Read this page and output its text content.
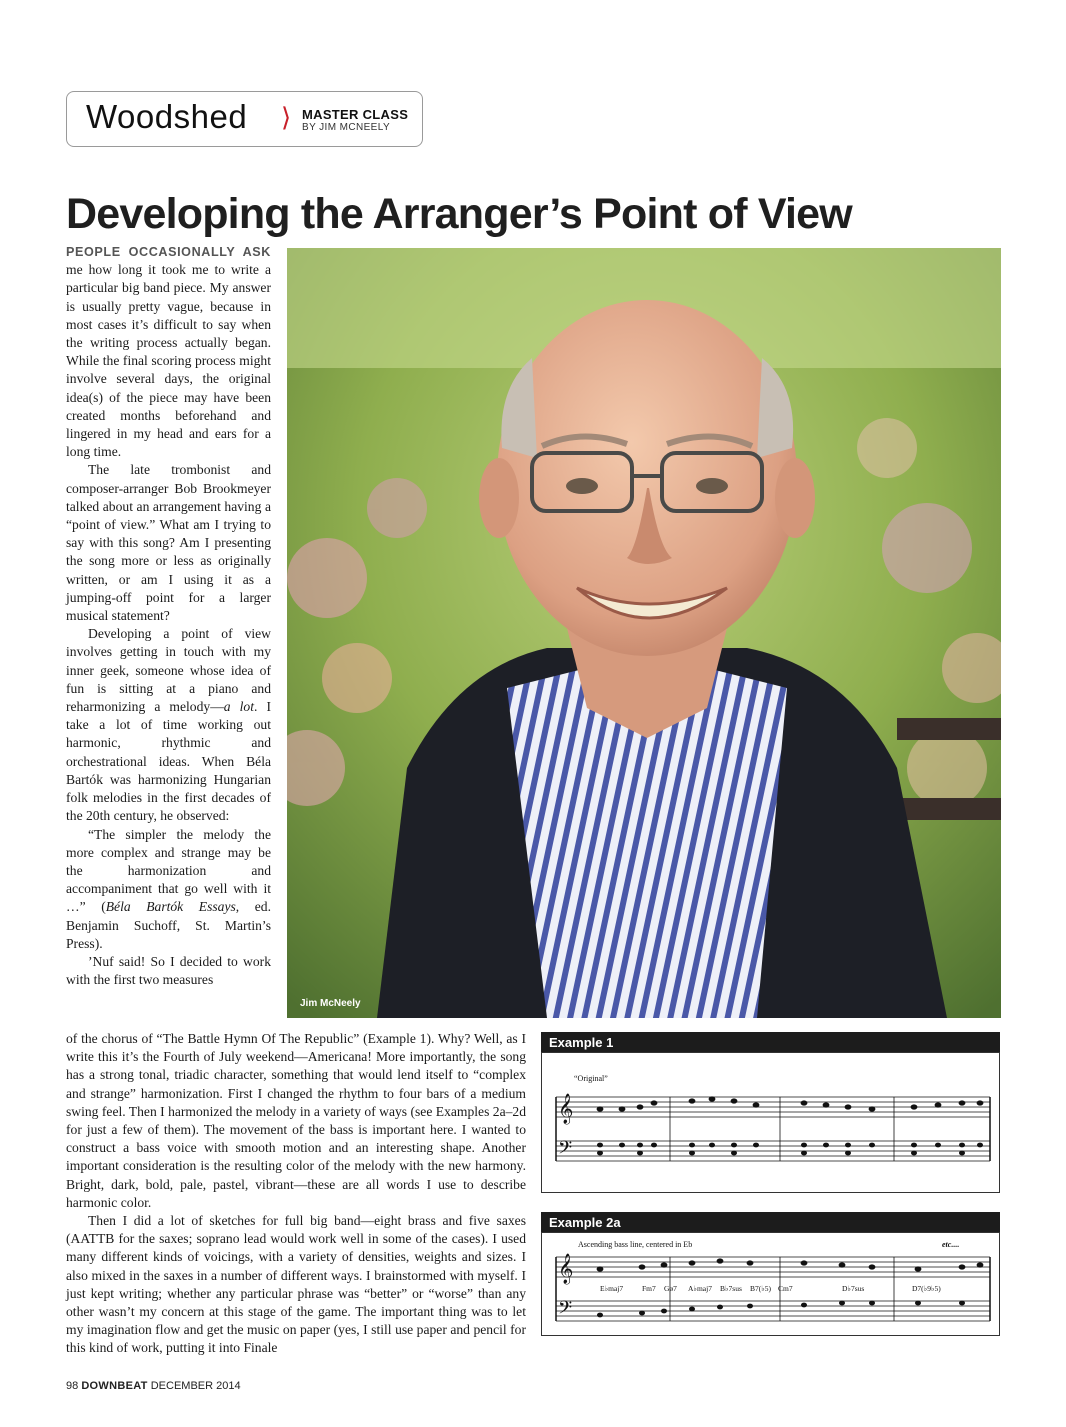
Woodshed ⟩ MASTER CLASS
BY JIM MCNEELY
Developing the Arranger’s Point of View

PEOPLE OCCASIONALLY ASK me how long it took me to write a particular big band piece. My answer is usually pretty vague, because in most cases it’s difficult to say when the writing process actually began. While the final scoring process might involve several days, the original idea(s) of the piece may have been created months beforehand and lingered in my head and ears for a long time.

The late trombonist and composer-arranger Bob Brookmeyer talked about an arrangement having a “point of view.” What am I trying to say with this song? Am I presenting the song more or less as originally written, or am I using it as a jumping-off point for a larger musical statement?

Developing a point of view involves getting in touch with my inner geek, someone whose idea of fun is sitting at a piano and reharmonizing a melody—a lot. I take a lot of time working out harmonic, rhythmic and orchestrational ideas. When Béla Bartók was harmonizing Hungarian folk melodies in the first decades of the 20th century, he observed:

“The simpler the melody the more complex and strange may be the harmonization and accompaniment that go well with it …” (Béla Bartók Essays, ed. Benjamin Suchoff, St. Martin’s Press).

’Nuf said! So I decided to work with the first two measures

Jim McNeely

of the chorus of “The Battle Hymn Of The Republic” (Example 1). Why? Well, as I write this it’s the Fourth of July weekend—Americana! More importantly, the song has a strong tonal, triadic character, something that would lend itself to “complex and strange” harmonization. First I changed the rhythm to four bars of a medium swing feel. Then I harmonized the melody in a variety of ways (see Examples 2a–2d for just a few of them). The movement of the bass is important here. I wanted to construct a bass voice with smooth motion and an interesting shape. Another important consideration is the resulting color of the melody with the new harmony. Bright, dark, bold, pale, pastel, vibrant—these are all words I use to describe harmonic color.

Then I did a lot of sketches for full big band—eight brass and five saxes (AATTB for the saxes; soprano lead would work well in some of the cases). I used many different kinds of voicings, with a variety of densities, weights and sizes. I also mixed in the saxes in a number of different ways. I brainstormed with myself. I just kept writing; whether any particular phrase was “better” or “worse” than any other wasn’t my concern at this stage of the game. The important thing was to let my imagination flow and get the music on paper (yes, I still use paper and pencil for this kind of work, putting it into Finale

Example 1
“Original”
𝄞
𝄢
Example 2a
Ascending bass line, centered in Eb	etc....
𝄞
𝄢
E♭maj7	Fm7 Gø7 A♭maj7 B♭7sus B7(♭5) Cm7	D♭7sus	D7(♭9♭5)
98 DOWNBEAT DECEMBER 2014
